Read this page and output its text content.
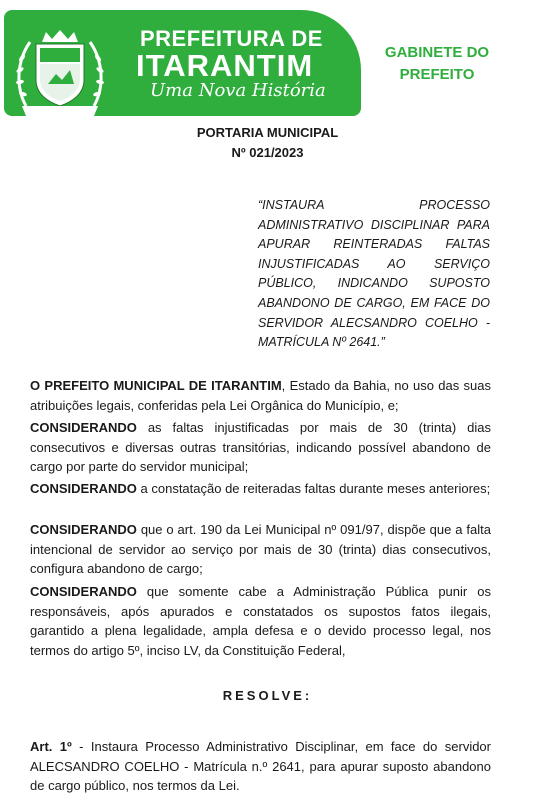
PREFEITURA DE
ITARANTIM
Uma Nova História
GABINETE DO PREFEITO
PORTARIA MUNICIPAL
Nº 021/2023
“INSTAURA PROCESSO ADMINISTRATIVO DISCIPLINAR PARA APURAR REINTERADAS FALTAS INJUSTIFICADAS AO SERVIÇO PÚBLICO, INDICANDO SUPOSTO ABANDONO DE CARGO, EM FACE DO SERVIDOR ALECSANDRO COELHO - MATRÍCULA Nº 2641.”
O PREFEITO MUNICIPAL DE ITARANTIM, Estado da Bahia, no uso das suas atribuições legais, conferidas pela Lei Orgânica do Município, e;
CONSIDERANDO as faltas injustificadas por mais de 30 (trinta) dias consecutivos e diversas outras transitórias, indicando possível abandono de cargo por parte do servidor municipal;
CONSIDERANDO a constatação de reiteradas faltas durante meses anteriores;
CONSIDERANDO que o art. 190 da Lei Municipal nº 091/97, dispõe que a falta intencional de servidor ao serviço por mais de 30 (trinta) dias consecutivos, configura abandono de cargo;
CONSIDERANDO que somente cabe a Administração Pública punir os responsáveis, após apurados e constatados os supostos fatos ilegais, garantido a plena legalidade, ampla defesa e o devido processo legal, nos termos do artigo 5º, inciso LV, da Constituição Federal,
RESOLVE:
Art. 1º - Instaura Processo Administrativo Disciplinar, em face do servidor ALECSANDRO COELHO - Matrícula n.º 2641, para apurar suposto abandono de cargo público, nos termos da Lei.
